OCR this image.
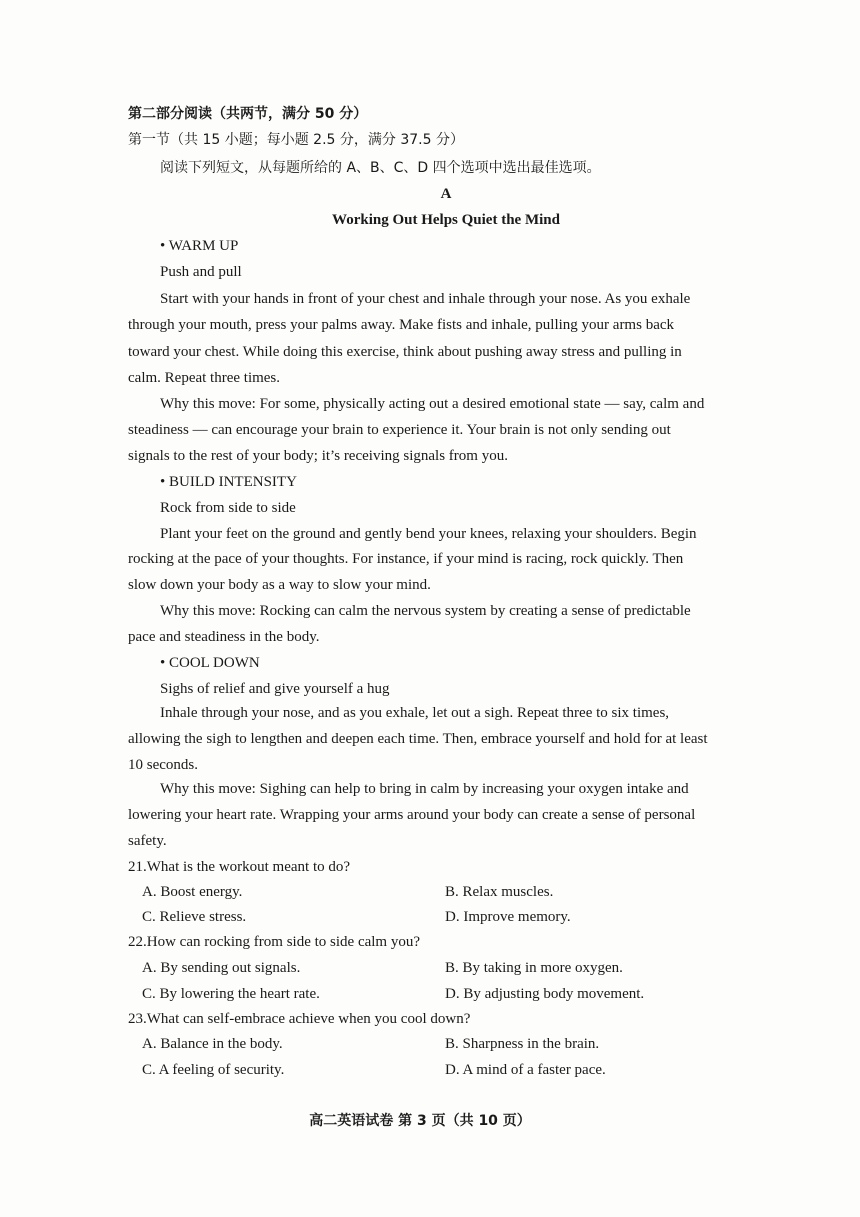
第二部分阅读（共两节，满分 50 分）
第一节（共 15 小题；每小题 2.5 分，满分 37.5 分）
阅读下列短文，从每题所给的 A、B、C、D 四个选项中选出最佳选项。
A
Working Out Helps Quiet the Mind
• WARM UP
Push and pull
Start with your hands in front of your chest and inhale through your nose. As you exhale
through your mouth, press your palms away. Make fists and inhale, pulling your arms back
toward your chest. While doing this exercise, think about pushing away stress and pulling in
calm. Repeat three times.
Why this move: For some, physically acting out a desired emotional state — say, calm and
steadiness — can encourage your brain to experience it. Your brain is not only sending out
signals to the rest of your body; it’s receiving signals from you.
• BUILD INTENSITY
Rock from side to side
Plant your feet on the ground and gently bend your knees, relaxing your shoulders. Begin
rocking at the pace of your thoughts. For instance, if your mind is racing, rock quickly. Then
slow down your body as a way to slow your mind.
Why this move: Rocking can calm the nervous system by creating a sense of predictable
pace and steadiness in the body.
• COOL DOWN
Sighs of relief and give yourself a hug
Inhale through your nose, and as you exhale, let out a sigh. Repeat three to six times,
allowing the sigh to lengthen and deepen each time. Then, embrace yourself and hold for at least
10 seconds.
Why this move: Sighing can help to bring in calm by increasing your oxygen intake and
lowering your heart rate. Wrapping your arms around your body can create a sense of personal
safety.
21.What is the workout meant to do?
A. Boost energy.	B. Relax muscles.
C. Relieve stress.	D. Improve memory.
22.How can rocking from side to side calm you?
A. By sending out signals.	B. By taking in more oxygen.
C. By lowering the heart rate.	D. By adjusting body movement.
23.What can self-embrace achieve when you cool down?
A. Balance in the body.	B. Sharpness in the brain.
C. A feeling of security.	D. A mind of a faster pace.
高二英语试卷 第 3 页（共 10 页）
